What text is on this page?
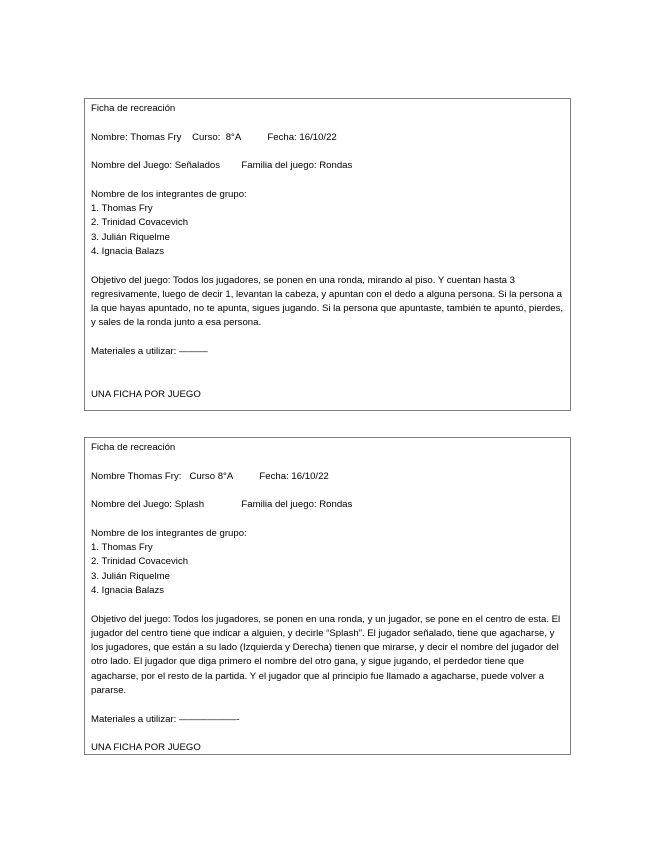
Ficha de recreación
Nombre: Thomas Fry    Curso:  8°A          Fecha: 16/10/22
Nombre del Juego: Señalados        Familia del juego: Rondas
Nombre de los integrantes de grupo:
1. Thomas Fry
2. Trinidad Covacevich
3. Julián Riquelme
4. Ignacia Balazs
Objetivo del juego: Todos los jugadores, se ponen en una ronda, mirando al piso. Y cuentan hasta 3 regresivamente, luego de decir 1, levantan la cabeza, y apuntan con el dedo a alguna persona. Si la persona a la que hayas apuntado, no te apunta, sigues jugando. Si la persona que apuntaste, también te apuntó, pierdes, y sales de la ronda junto a esa persona.
Materiales a utilizar: ———
UNA FICHA POR JUEGO
Ficha de recreación
Nombre Thomas Fry:   Curso 8°A          Fecha: 16/10/22
Nombre del Juego: Splash              Familia del juego: Rondas
Nombre de los integrantes de grupo:
1. Thomas Fry
2. Trinidad Covacevich
3. Julián Riquelme
4. Ignacia Balazs
Objetivo del juego: Todos los jugadores, se ponen en una ronda, y un jugador, se pone en el centro de esta. El jugador del centro tiene que indicar a alguien, y decirle “Splash”. El jugador señalado, tiene que agacharse, y los jugadores, que están a su lado (Izquierda y Derecha) tienen que mirarse, y decir el nombre del jugador del otro lado. El jugador que diga primero el nombre del otro gana, y sigue jugando, el perdedor tiene que agacharse, por el resto de la partida. Y el jugador que al principio fue llamado a agacharse, puede volver a pararse.
Materiales a utilizar: ——————-
UNA FICHA POR JUEGO
